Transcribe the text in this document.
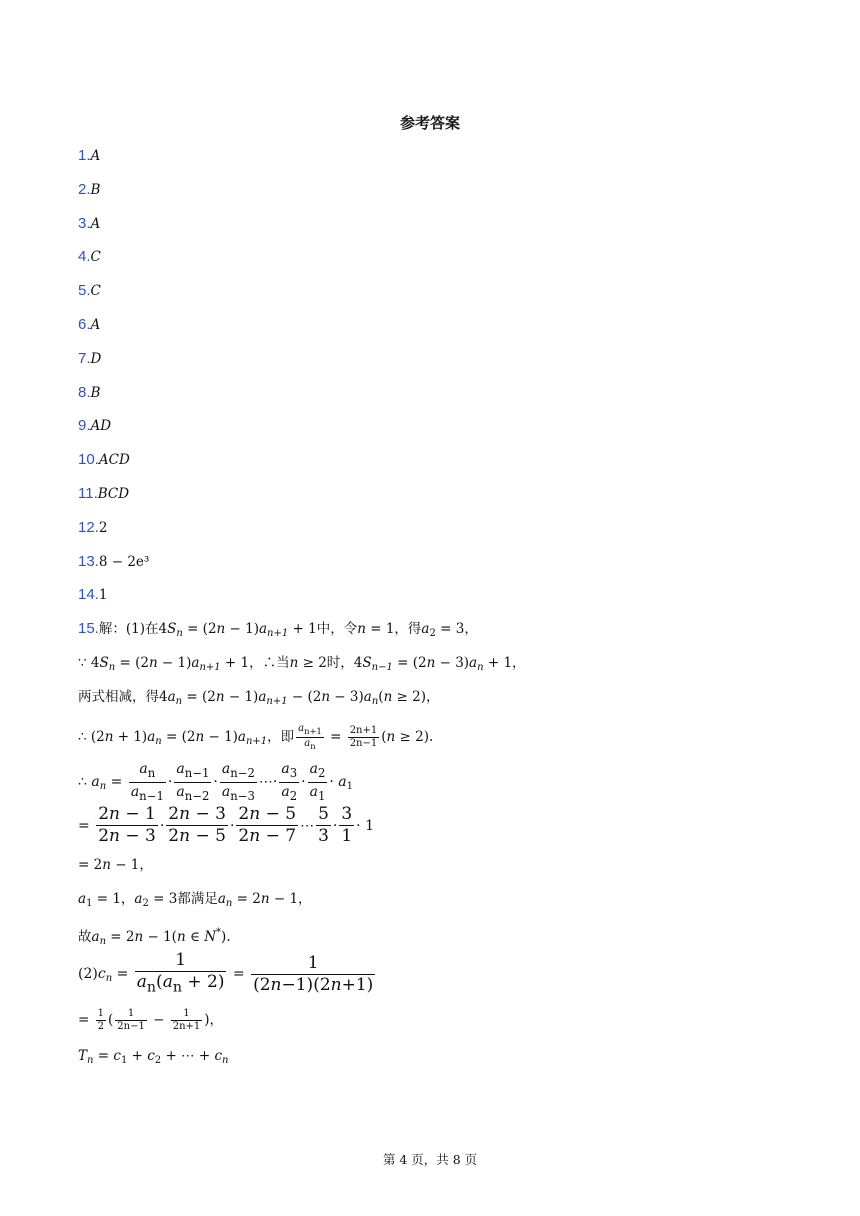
参考答案
1.A
2.B
3.A
4.C
5.C
6.A
7.D
8.B
9.AD
10.ACD
11.BCD
12.2
13.8 − 2e³
14.1
15.解：(1)在$4S_n = (2n - 1)a_{n+1} + 1$中，令n = 1，得$a_2 = 3$，
∵ $4S_n = (2n - 1)a_{n+1} + 1$，∴当n ≥ 2时，$4S_{n-1} = (2n - 3)a_n + 1$，
两式相减，得$4a_n = (2n - 1)a_{n+1} - (2n - 3)a_n(n \ge 2)$，
∴ $(2n + 1)a_n = (2n - 1)a_{n+1}$，即 $\frac{a_{n+1}}{a_n} = \frac{2n+1}{2n-1} (n \ge 2)$.
∴ $a_n = \frac{a_n}{a_{n-1}} \cdot \frac{a_{n-1}}{a_{n-2}} \cdot \frac{a_{n-2}}{a_{n-3}}$ ⋯· $\frac{a_3}{a_2} \cdot \frac{a_2}{a_1} \cdot a_1$
= $\frac{2n - 1}{2n - 3} \cdot \frac{2n - 3}{2n - 5} \cdot \frac{2n - 5}{2n - 7}$ ⋯ $\frac{5}{3} \cdot \frac{3}{1} \cdot 1$
= 2n − 1，
$a_1 = 1$，$a_2 = 3$都满足$a_n = 2n - 1$，
故$a_n = 2n - 1(n$ ∈ N*).
$(2)c_n = \frac{1}{a_n(a_n + 2)} = \frac{1}{(2n-1)(2n+1)}$
= $\frac{1}{2}$ ( $\frac{1}{2n-1} - \frac{1}{2n+1}$ )，
$T_n = c_1 + c_2$ + ⋯ + $c_n$
第 4 页，共 8 页
